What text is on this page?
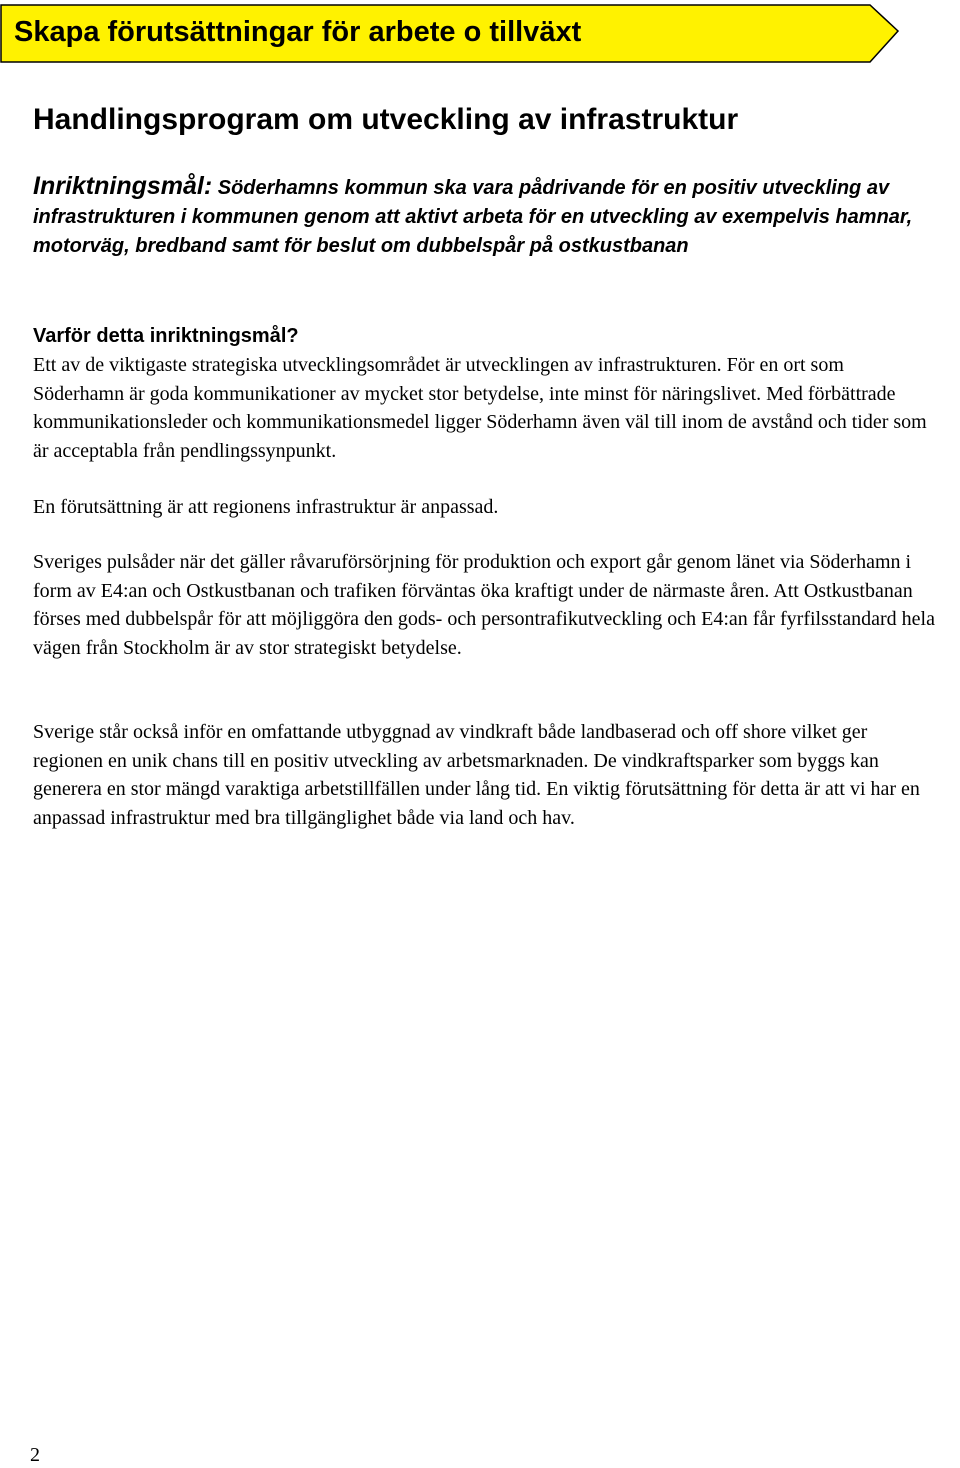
Skapa förutsättningar för arbete o tillväxt
Handlingsprogram om utveckling av infrastruktur
Inriktningsmål: Söderhamns kommun ska vara pådrivande för en positiv utveckling av infrastrukturen i kommunen genom att aktivt arbeta för en utveckling av exempelvis hamnar, motorväg, bredband samt för beslut om dubbelspår på ostkustbanan
Varför detta inriktningsmål?

Ett av de viktigaste strategiska utvecklingsområdet är utvecklingen av infrastrukturen. För en ort som Söderhamn är goda kommunikationer av mycket stor betydelse, inte minst för näringslivet. Med förbättrade kommunikationsleder och kommunikationsmedel ligger Söderhamn även väl till inom de avstånd och tider som är acceptabla från pendlingssynpunkt.

En förutsättning är att regionens infrastruktur är anpassad.

Sveriges pulsåder när det gäller råvaruförsörjning för produktion och export går genom länet via Söderhamn i form av E4:an och Ostkustbanan och trafiken förväntas öka kraftigt under de närmaste åren. Att Ostkustbanan förses med dubbelspår för att möjliggöra den gods- och persontrafikutveckling och E4:an får fyrfilsstandard hela vägen från Stockholm är av stor strategiskt betydelse.

Sverige står också inför en omfattande utbyggnad av vindkraft både landbaserad och off shore vilket ger regionen en unik chans till en positiv utveckling av arbetsmarknaden. De vindkraftsparker som byggs kan generera en stor mängd varaktiga arbetstillfällen under lång tid. En viktig förutsättning för detta är att vi har en anpassad infrastruktur med bra tillgänglighet både via land och hav.

2
